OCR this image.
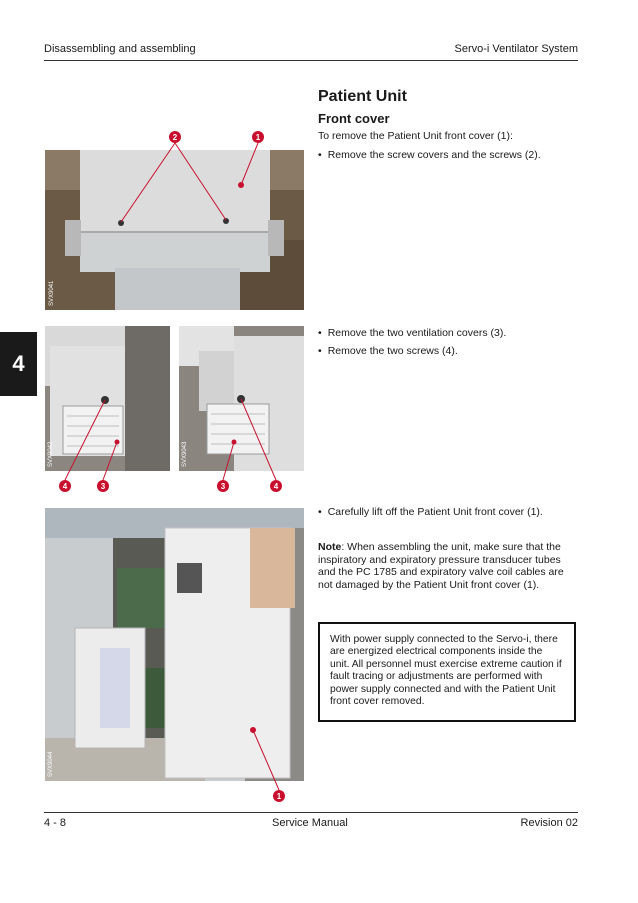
Disassembling and assembling	Servo-i Ventilator System
4
SVX9041
SVX9042	SVX9043
SVX9044
2	1
4	3	3	4
1
Patient Unit
Front cover
To remove the Patient Unit front cover (1):
• Remove the screw covers and the screws (2).
• Remove the two ventilation covers (3).
• Remove the two screws (4).
• Carefully lift off the Patient Unit front cover (1).
Note: When assembling the unit, make sure that the inspiratory and expiratory pressure transducer tubes and the PC 1785 and expiratory valve coil cables are not damaged by the Patient Unit front cover (1).
With power supply connected to the Servo-i, there are energized electrical components inside the unit. All personnel must exercise extreme caution if fault tracing or adjustments are performed with power supply connected and with the Patient Unit front cover removed.
4 - 8	Service Manual	Revision 02
